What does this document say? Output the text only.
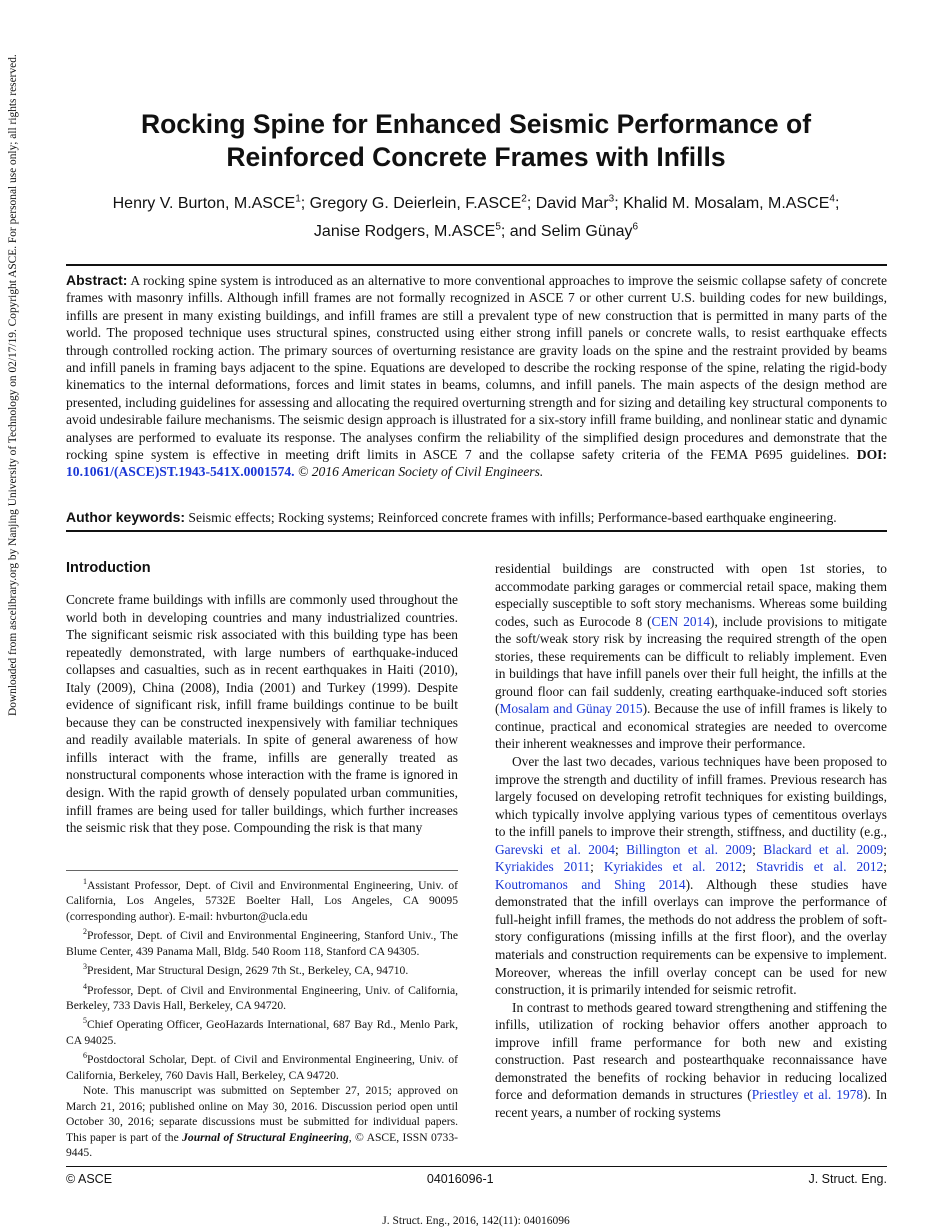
Downloaded from ascelibrary.org by Nanjing University of Technology on 02/17/19. Copyright ASCE. For personal use only; all rights reserved.	Rocking Spine for Enhanced Seismic Performance of
Reinforced Concrete Frames with Infills
Henry V. Burton, M.ASCE$^1$; Gregory G. Deierlein, F.ASCE$^2$; David Mar$^3$; Khalid M. Mosalam, M.ASCE$^4$;
Janise Rodgers, M.ASCE$^5$; and Selim Günay$^6$
Abstract: A rocking spine system is introduced as an alternative to more conventional approaches to improve the seismic collapse safety of concrete frames with masonry infills. Although infill frames are not formally recognized in ASCE 7 or other current U.S. building codes for new buildings, infills are present in many existing buildings, and infill frames are still a prevalent type of new construction that is permitted in many parts of the world. The proposed technique uses structural spines, constructed using either strong infill panels or concrete walls, to resist earthquake effects through controlled rocking action. The primary sources of overturning resistance are gravity loads on the spine and the restraint provided by beams and infill panels in framing bays adjacent to the spine. Equations are developed to describe the rocking response of the spine, relating the rigid-body kinematics to the internal deformations, forces and limit states in beams, columns, and infill panels. The main aspects of the design method are presented, including guidelines for assessing and allocating the required overturning strength and for sizing and detailing key structural components to avoid undesirable failure mechanisms. The seismic design approach is illustrated for a six-story infill frame building, and nonlinear static and dynamic analyses are performed to evaluate its response. The analyses confirm the reliability of the simplified design procedures and demonstrate that the rocking spine system is effective in meeting drift limits in ASCE 7 and the collapse safety criteria of the FEMA P695 guidelines. DOI: 10.1061/(ASCE)ST.1943-541X.0001574. © 2016 American Society of Civil Engineers.
Author keywords: Seismic effects; Rocking systems; Reinforced concrete frames with infills; Performance-based earthquake engineering.
Introduction

Concrete frame buildings with infills are commonly used throughout the world both in developing countries and many industrialized countries. The significant seismic risk associated with this building type has been repeatedly demonstrated, with large numbers of earthquake-induced collapses and casualties, such as in recent earthquakes in Haiti (2010), Italy (2009), China (2008), India (2001) and Turkey (1999). Despite evidence of significant risk, infill frame buildings continue to be built because they can be constructed inexpensively with familiar techniques and readily available materials. In spite of general awareness of how infills interact with the frame, infills are generally treated as nonstructural components whose interaction with the frame is ignored in design. With the rapid growth of densely populated urban communities, infill frames are being used for taller buildings, which further increases the seismic risk that they pose. Compounding the risk is that many

residential buildings are constructed with open 1st stories, to accommodate parking garages or commercial retail space, making them especially susceptible to soft story mechanisms. Whereas some building codes, such as Eurocode 8 (CEN 2014), include provisions to mitigate the soft/weak story risk by increasing the required strength of the open stories, these requirements can be difficult to reliably implement. Even in buildings that have infill panels over their full height, the infills at the ground floor can fail suddenly, creating earthquake-induced soft stories (Mosalam and Günay 2015). Because the use of infill frames is likely to continue, practical and economical strategies are needed to overcome their inherent weaknesses and improve their performance.

Over the last two decades, various techniques have been proposed to improve the strength and ductility of infill frames. Previous research has largely focused on developing retrofit techniques for existing buildings, which typically involve applying various types of cementitous overlays to the infill panels to improve their strength, stiffness, and ductility (e.g., Garevski et al. 2004; Billington et al. 2009; Blackard et al. 2009; Kyriakides 2011; Kyriakides et al. 2012; Stavridis et al. 2012; Koutromanos and Shing 2014). Although these studies have demonstrated that the infill overlays can improve the performance of full-height infill frames, the methods do not address the problem of soft-story configurations (missing infills at the first floor), and the overlay materials and construction requirements can be expensive to implement. Moreover, whereas the infill overlay concept can be used for new construction, it is primarily intended for seismic retrofit.

In contrast to methods geared toward strengthening and stiffening the infills, utilization of rocking behavior offers another approach to improve infill frame performance for both new and existing construction. Past research and postearthquake reconnaissance have demonstrated the benefits of rocking behavior in reducing localized force and deformation demands in structures (Priestley et al. 1978). In recent years, a number of rocking systems

$^1$Assistant Professor, Dept. of Civil and Environmental Engineering, Univ. of California, Los Angeles, 5732E Boelter Hall, Los Angeles, CA 90095 (corresponding author). E-mail: hvburton@ucla.edu

$^2$Professor, Dept. of Civil and Environmental Engineering, Stanford Univ., The Blume Center, 439 Panama Mall, Bldg. 540 Room 118, Stanford CA 94305.

$^3$President, Mar Structural Design, 2629 7th St., Berkeley, CA, 94710.

$^4$Professor, Dept. of Civil and Environmental Engineering, Univ. of California, Berkeley, 733 Davis Hall, Berkeley, CA 94720.

$^5$Chief Operating Officer, GeoHazards International, 687 Bay Rd., Menlo Park, CA 94025.

$^6$Postdoctoral Scholar, Dept. of Civil and Environmental Engineering, Univ. of California, Berkeley, 760 Davis Hall, Berkeley, CA 94720.

Note. This manuscript was submitted on September 27, 2015; approved on March 21, 2016; published online on May 30, 2016. Discussion period open until October 30, 2016; separate discussions must be submitted for individual papers. This paper is part of the Journal of Structural Engineering, © ASCE, ISSN 0733-9445.

© ASCE	04016096-1	J. Struct. Eng.
J. Struct. Eng., 2016, 142(11): 04016096
